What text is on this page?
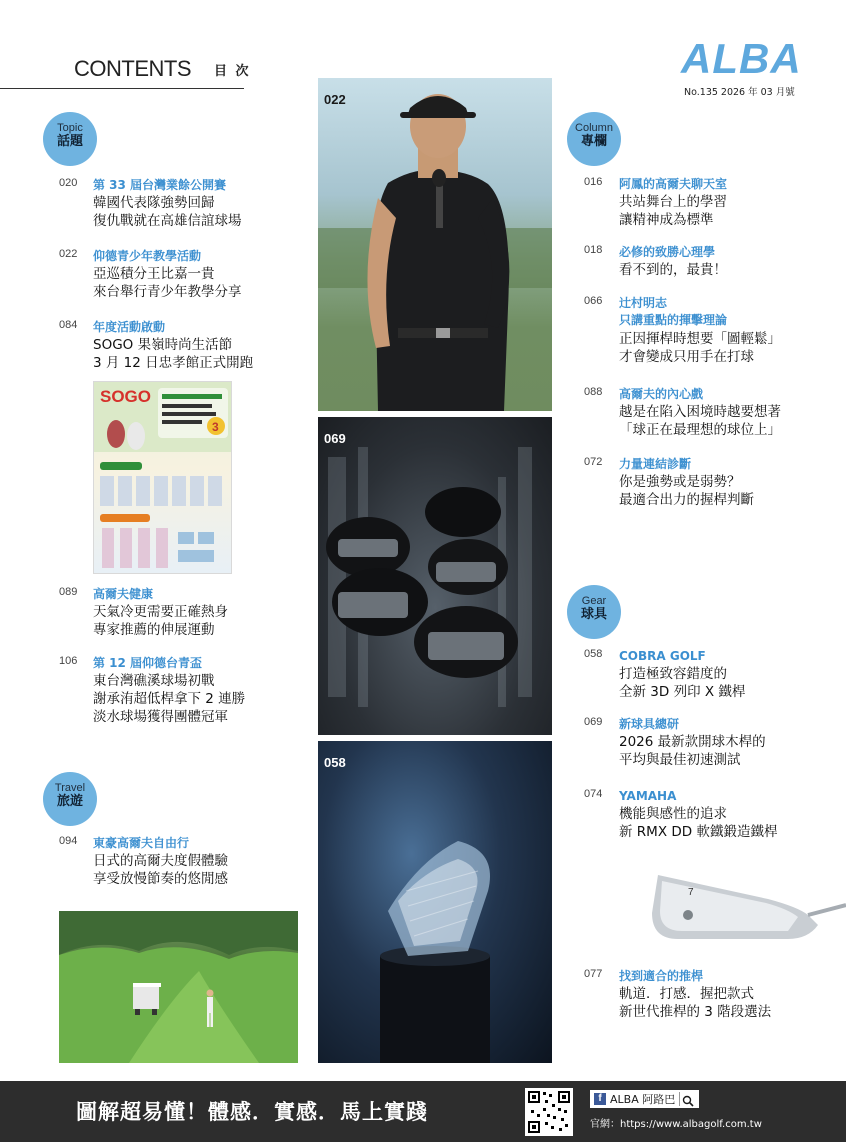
CONTENTS 目 次	ALBA
No.135 2026 年 03 月號
Topic
話題
Travel
旅遊
Column
專欄
Gear
球具
020 第 33 屆台灣業餘公開賽
韓國代表隊強勢回歸
復仇戰就在高雄信誼球場
022 仰德青少年教學活動
亞巡積分王比嘉一貴
來台舉行青少年教學分享
084 年度活動啟動
SOGO 果嶺時尚生活節
3 月 12 日忠孝館正式開跑
SOGO
3
089 高爾夫健康
天氣冷更需要正確熱身
專家推薦的伸展運動
106 第 12 屆仰德台青盃
東台灣礁溪球場初戰
謝承洧超低桿拿下 2 連勝
淡水球場獲得團體冠軍
094 東豪高爾夫自由行
日式的高爾夫度假體驗
享受放慢節奏的悠閒感
022
069
058
016 阿鳳的高爾夫聊天室
共站舞台上的學習
讓精神成為標準
018 必修的致勝心理學
看不到的，最貴！
066 辻村明志
只講重點的揮擊理論
正因揮桿時想要「圖輕鬆」
才會變成只用手在打球
088 高爾夫的內心戲
越是在陷入困境時越要想著
「球正在最理想的球位上」
072 力量連結診斷
你是強勢或是弱勢？
最適合出力的握桿判斷
058 COBRA GOLF
打造極致容錯度的
全新 3D 列印 X 鐵桿
069 新球具總研
2026 最新款開球木桿的
平均與最佳初速測試
074 YAMAHA
機能與感性的追求
新 RMX DD 軟鐵鍛造鐵桿
7
077 找到適合的推桿
軌道．打感．握把款式
新世代推桿的 3 階段選法
圖解超易懂！體感．實感．馬上實踐
f ALBA 阿路巴
官網：https://www.albagolf.com.tw
